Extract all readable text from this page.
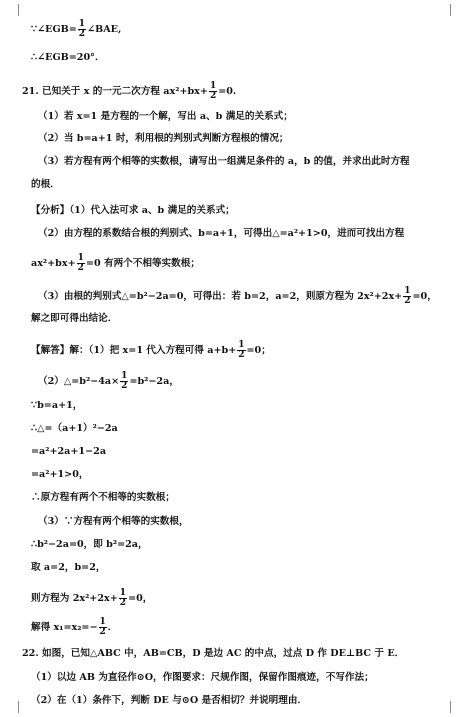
∵∠EGB= $\frac{1}{2}$ ∠BAE,
∴∠EGB=20°．
21. 已知关于 x 的一元二次方程 $ax^2+bx+ \frac{1}{2} =0$.
（1）若 x=1 是方程的一个解，写出 a、b 满足的关系式；
（2）当 b=a+1 时，利用根的判别式判断方程根的情况；
（3）若方程有两个相等的实数根，请写出一组满足条件的 a，b 的值，并求出此时方程
的根．
【分析】（1）代入法可求 a、b 满足的关系式；
（2）由方程的系数结合根的判别式、b=a+1，可得出△=a²+1>0，进而可找出方程
$ax^2+bx+ \frac{1}{2} =0$ 有两个不相等实数根；
（3）由根的判别式△=b²−2a=0，可得出：若 b=2，a=2，则原方程为 $2x^2+2x+ \frac{1}{2} =0$，
解之即可得出结论．
【解答】解：（1）把 x=1 代入方程可得 $a+b+ \frac{1}{2} =0$；
（2）△=b²−4a× $\frac{1}{2} =b^2-2a$，
∵b=a+1，
∴△=（a+1）²−2a
=a²+2a+1−2a
=a²+1>0，
∴原方程有两个不相等的实数根；
（3）∵方程有两个相等的实数根，
∴b²−2a=0，即 b²=2a，
取 a=2，b=2，
则方程为 $2x^2+2x+ \frac{1}{2} =0$，
解得 $x_1=x_2=- \frac{1}{2}$ ．
22. 如图，已知△ABC 中，AB=CB，D 是边 AC 的中点，过点 D 作 DE⊥BC 于 E．
（1）以边 AB 为直径作⊙O，作图要求：尺规作图，保留作图痕迹，不写作法；
（2）在（1）条件下，判断 DE 与⊙O 是否相切？并说明理由．
